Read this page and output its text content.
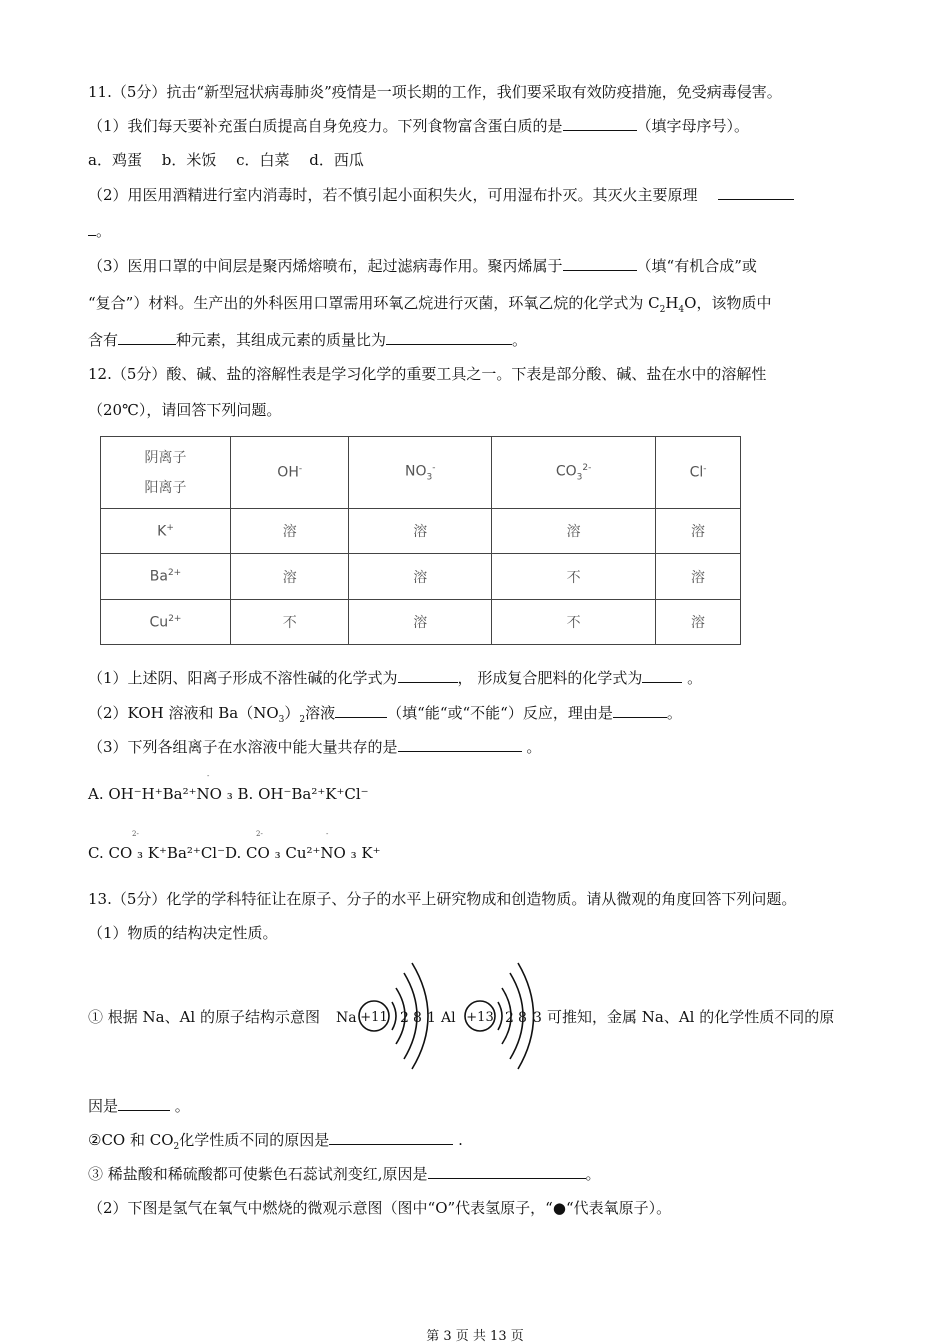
11.（5分）抗击“新型冠状病毒肺炎”疫情是一项长期的工作，我们要采取有效防疫措施，免受病毒侵害。
（1）我们每天要补充蛋白质提高自身免疫力。下列食物富含蛋白质的是	（填字母序号）。
a．鸡蛋　 b．米饭　 c．白菜　 d．西瓜
（2）用医用酒精进行室内消毒时，若不慎引起小面积失火，可用湿布扑灭。其灭火主要原理
。
（3）医用口罩的中间层是聚丙烯熔喷布，起过滤病毒作用。聚丙烯属于	（填“有机合成”或
“复合”）材料。生产出的外科医用口罩需用环氧乙烷进行灭菌，环氧乙烷的化学式为 $C_2H_4O$，该物质中
含有	种元素，其组成元素的质量比为	。
12.（5分）酸、碱、盐的溶解性表是学习化学的重要工具之一。下表是部分酸、碱、盐在水中的溶解性
（20℃），请回答下列问题。
阴离子
阳离子	OH-	$NO_3^-$	$CO_3^{2-}$	Cl-
K+	溶	溶	溶	溶
$Ba^{2+}$	溶	溶	不	溶
$Cu^{2+}$	不	溶	不	溶
（1）上述阴、阳离子形成不溶性碱的化学式为	， 形成复合肥料的化学式为	。
（2）KOH 溶液和 $Ba(NO_3)_2$溶液	（填“能“或“不能“）反应，理由是	。
（3）下列各组离子在水溶液中能大量共存的是	。
A. OH⁻H⁺Ba²⁺NO ₃ B. OH⁻Ba²⁺K⁺Cl⁻
-
C. CO ₃ K⁺Ba²⁺Cl⁻D. CO ₃ Cu²⁺NO ₃ K⁺
2-	2-	-
13.（5分）化学的学科特征让在原子、分子的水平上研究物成和创造物质。请从微观的角度回答下列问题。
（1）物质的结构决定性质。
① 根据 Na、Al 的原子结构示意图 Na +11 2 8 1 Al +13 2 8 3 可推知，金属 Na、Al 的化学性质不同的原
因是	。
②CO 和 $CO_2$化学性质不同的原因是	.
③ 稀盐酸和稀硫酸都可使紫色石蕊试剂变红,原因是	。
（2）下图是氢气在氧气中燃烧的微观示意图（图中“O”代表氢原子，“●“代表氧原子）。
第 3 页 共 13 页
